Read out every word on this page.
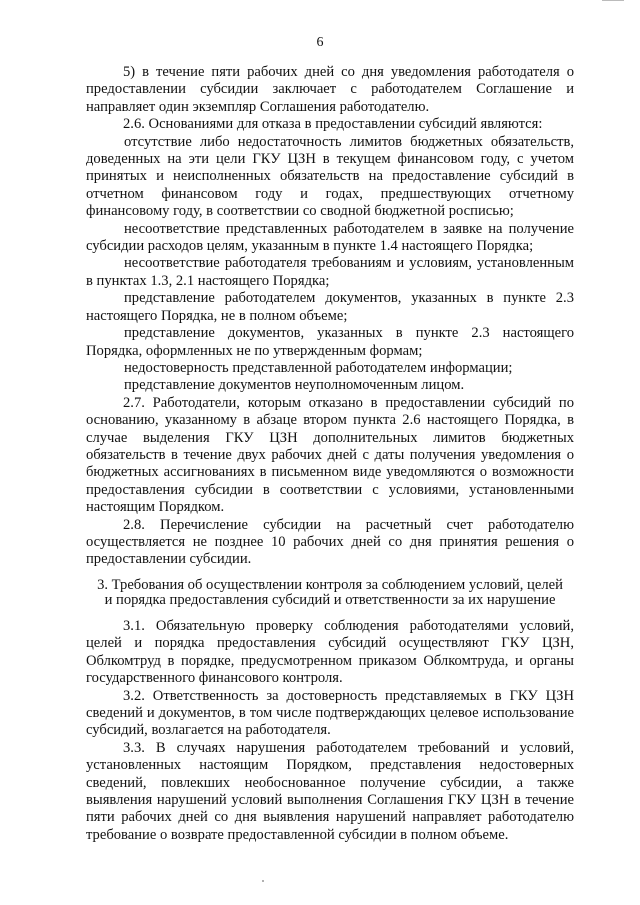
6

5) в течение пяти рабочих дней со дня уведомления работодателя о предоставлении субсидии заключает с работодателем Соглашение и направляет один экземпляр Соглашения работодателю.

2.6. Основаниями для отказа в предоставлении субсидий являются:

отсутствие либо недостаточность лимитов бюджетных обязательств, доведенных на эти цели ГКУ ЦЗН в текущем финансовом году, с учетом принятых и неисполненных обязательств на предоставление субсидий в отчетном финансовом году и годах, предшествующих отчетному финансовому году, в соответствии со сводной бюджетной росписью;

несоответствие представленных работодателем в заявке на получение субсидии расходов целям, указанным в пункте 1.4 настоящего Порядка;

несоответствие работодателя требованиям и условиям, установленным в пунктах 1.3, 2.1 настоящего Порядка;

представление работодателем документов, указанных в пункте 2.3 настоящего Порядка, не в полном объеме;

представление документов, указанных в пункте 2.3 настоящего Порядка, оформленных не по утвержденным формам;

недостоверность представленной работодателем информации;

представление документов неуполномоченным лицом.

2.7. Работодатели, которым отказано в предоставлении субсидий по основанию, указанному в абзаце втором пункта 2.6 настоящего Порядка, в случае выделения ГКУ ЦЗН дополнительных лимитов бюджетных обязательств в течение двух рабочих дней с даты получения уведомления о бюджетных ассигнованиях в письменном виде уведомляются о возможности предоставления субсидии в соответствии с условиями, установленными настоящим Порядком.

2.8. Перечисление субсидии на расчетный счет работодателю осуществляется не позднее 10 рабочих дней со дня принятия решения о предоставлении субсидии.

3. Требования об осуществлении контроля за соблюдением условий, целей
и порядка предоставления субсидий и ответственности за их нарушение

3.1. Обязательную проверку соблюдения работодателями условий, целей и порядка предоставления субсидий осуществляют ГКУ ЦЗН, Облкомтруд в порядке, предусмотренном приказом Облкомтруда, и органы государственного финансового контроля.

3.2. Ответственность за достоверность представляемых в ГКУ ЦЗН сведений и документов, в том числе подтверждающих целевое использование субсидий, возлагается на работодателя.

3.3. В случаях нарушения работодателем требований и условий, установленных настоящим Порядком, представления недостоверных сведений, повлекших необоснованное получение субсидии, а также выявления нарушений условий выполнения Соглашения ГКУ ЦЗН в течение пяти рабочих дней со дня выявления нарушений направляет работодателю требование о возврате предоставленной субсидии в полном объеме.
